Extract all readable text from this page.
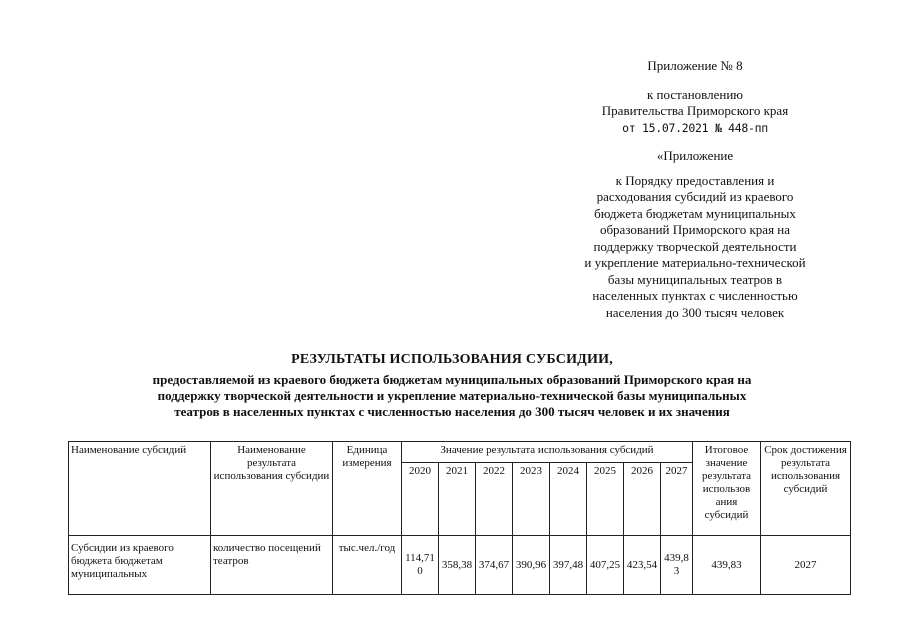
Приложение № 8
к постановлению
Правительства Приморского края
от 15.07.2021 № 448-пп
«Приложение
к Порядку предоставления и
расходования субсидий из краевого
бюджета бюджетам муниципальных
образований Приморского края на
поддержку творческой деятельности
и укрепление материально-технической
базы муниципальных театров в
населенных пунктах с численностью
населения до 300 тысяч человек
РЕЗУЛЬТАТЫ ИСПОЛЬЗОВАНИЯ СУБСИДИИ,
предоставляемой из краевого бюджета бюджетам муниципальных образований Приморского края на
поддержку творческой деятельности и укрепление материально-технической базы муниципальных
театров в населенных пунктах с численностью населения до 300 тысяч человек и их значения
Наименование субсидий	Наименование результата использования субсидии	Единица измерения	Значение результата использования субсидий								Итоговое значение результата использов ания субсидий	Срок достижения результата использования субсидий
			2020	2021	2022	2023	2024	2025	2026	2027		
Субсидии из краевого бюджета бюджетам муниципальных	количество посещений театров	тыс.чел./год	114,710	358,38	374,67	390,96	397,48	407,25	423,54	439,83	439,83	2027
